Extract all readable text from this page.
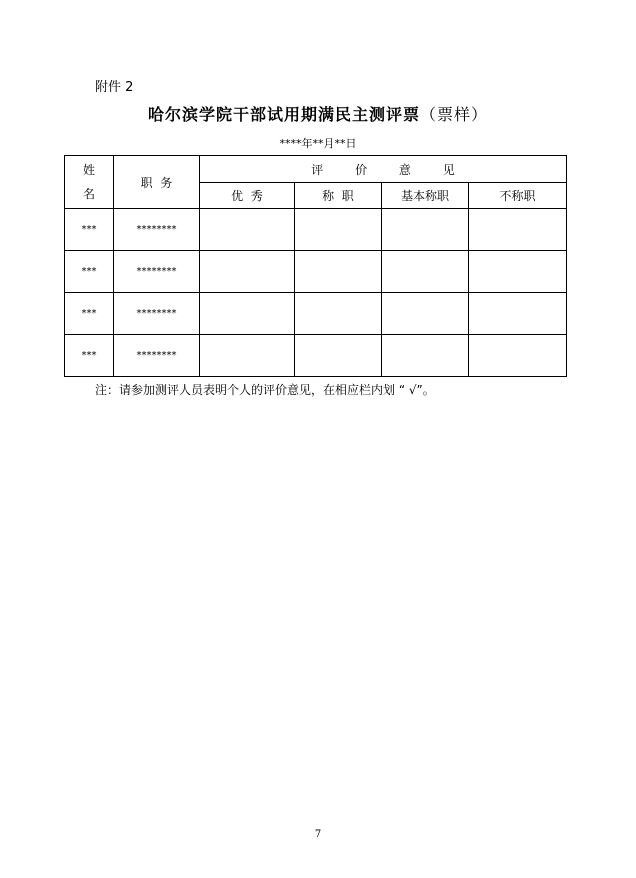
附件 2
哈尔滨学院干部试用期满民主测评票（票样）
****年**月**日
姓
名	职  务	评 价 意 见			
		优  秀	称  职	基本称职	不称职
***	********				
***	********				
***	********				
***	********				
注：请参加测评人员表明个人的评价意见，在相应栏内划 “ √”。
7
